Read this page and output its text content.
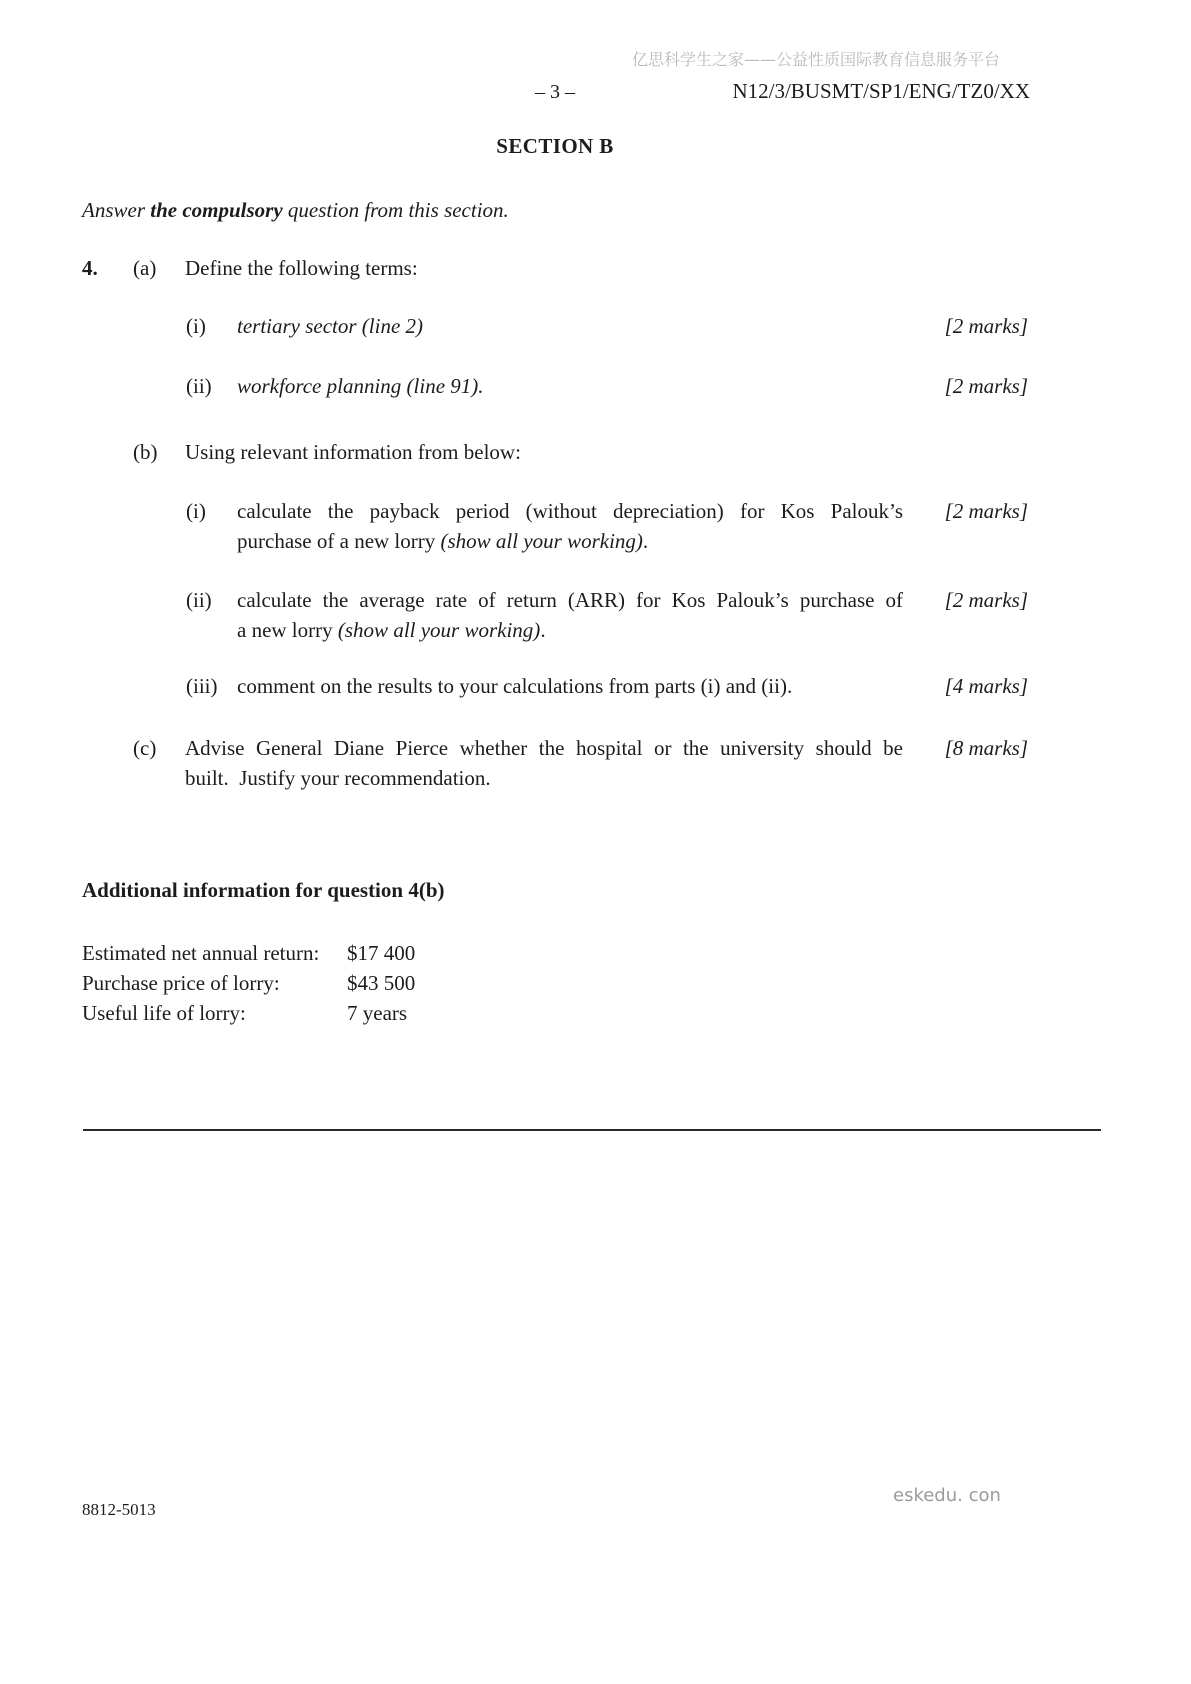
亿思科学生之家——公益性质国际教育信息服务平台
– 3 –	N12/3/BUSMT/SP1/ENG/TZ0/XX
SECTION B
Answer the compulsory question from this section.
4. (a) Define the following terms:
(i) tertiary sector (line 2)	[2 marks]
(ii) workforce planning (line 91).	[2 marks]
(b) Using relevant information from below:
(i) calculate the payback period (without depreciation) for Kos Palouk’s
purchase of a new lorry (show all your working).
[2 marks]
(ii) calculate the average rate of return (ARR) for Kos Palouk’s purchase of
a new lorry (show all your working).
[2 marks]
(iii) comment on the results to your calculations from parts (i) and (ii).	[4 marks]
(c) Advise General Diane Pierce whether the hospital or the university should be
built.  Justify your recommendation.
[8 marks]
Additional information for question 4(b)
Estimated net annual return: $17 400
Purchase price of lorry:	$43 500
Useful life of lorry:	7 years
8812-5013
eskedu. con
